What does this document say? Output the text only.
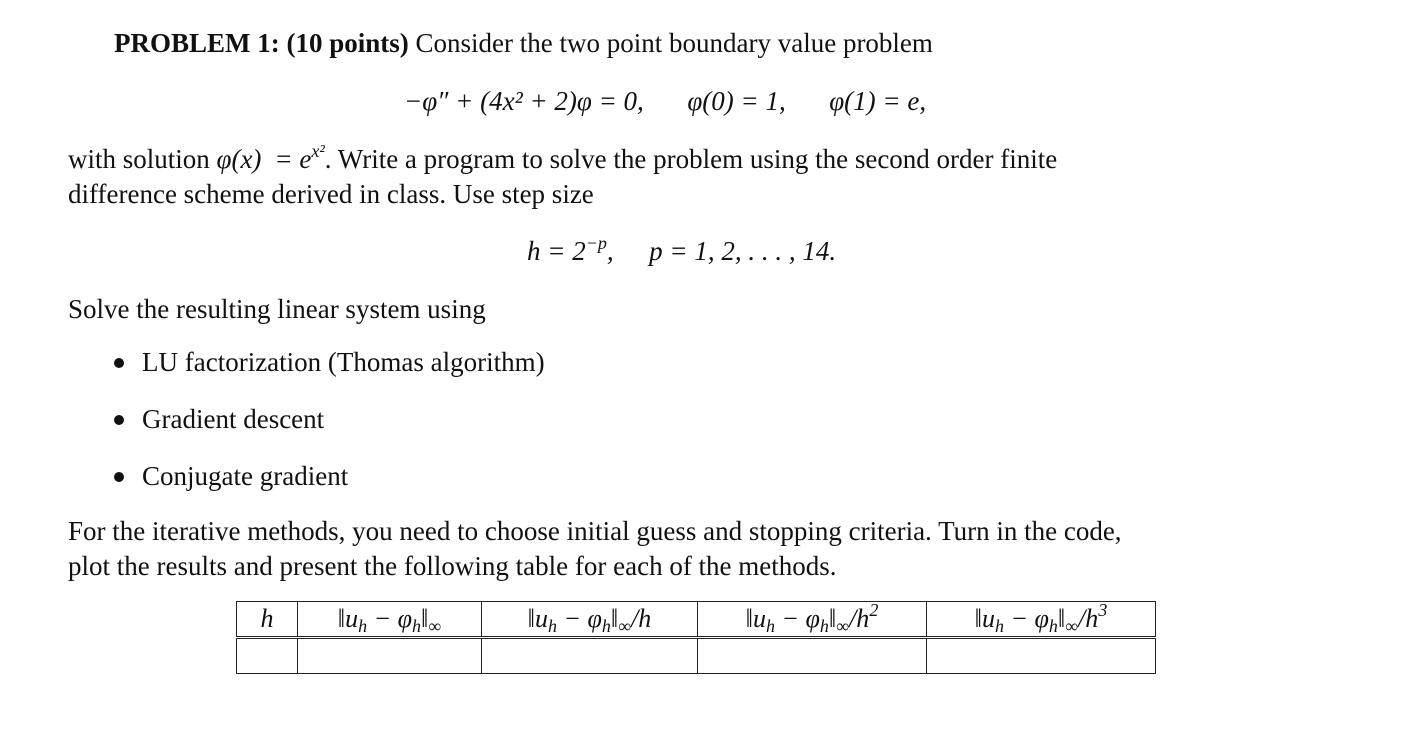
PROBLEM 1: (10 points) Consider the two point boundary value problem
−φ″ + (4x² + 2)φ = 0, φ(0) = 1, φ(1) = e,
with solution $\varphi(x) = e^{x^2}$. Write a program to solve the problem using the second order finite
difference scheme derived in class. Use step size
$h = 2^{-p}$, p = 1, 2, . . . , 14.
Solve the resulting linear system using
LU factorization (Thomas algorithm)
Gradient descent
Conjugate gradient
For the iterative methods, you need to choose initial guess and stopping criteria. Turn in the code,
plot the results and present the following table for each of the methods.
h	$‖u_h$ − $\varphi_h‖_\infty$	$‖u_h$ − $\varphi_h‖_\infty/h$	$‖u_h$ − $\varphi_h‖_\infty/h^2$	$‖u_h$ − $\varphi_h‖_\infty/h^3$
